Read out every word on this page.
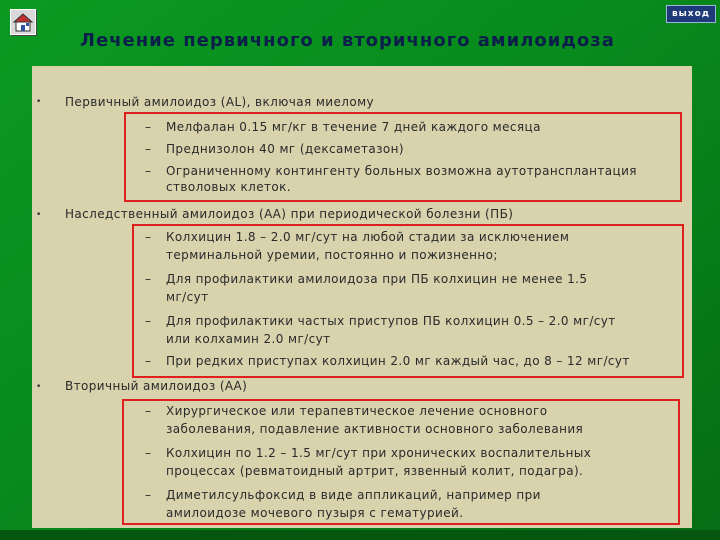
выход
Лечение первичного и вторичного амилоидоза
• Первичный амилоидоз (AL), включая миелому
– Мелфалан 0.15 мг/кг в течение 7 дней каждого месяца
– Преднизолон 40 мг (дексаметазон)
– Ограниченному контингенту больных возможна аутотрансплантация
стволовых клеток.
• Наследственный амилоидоз (АА) при периодической болезни (ПБ)
– Колхицин 1.8 – 2.0 мг/сут на любой стадии за исключением
терминальной уремии, постоянно и пожизненно;
– Для профилактики амилоидоза при ПБ колхицин не менее 1.5
мг/сут
– Для профилактики частых приступов ПБ колхицин 0.5 – 2.0 мг/сут
или колхамин 2.0 мг/сут
– При редких приступах колхицин 2.0 мг каждый час, до 8 – 12 мг/сут
• Вторичный амилоидоз (АА)
– Хирургическое или терапевтическое лечение основного
заболевания, подавление активности основного заболевания
– Колхицин по 1.2 – 1.5 мг/сут при хронических воспалительных
процессах (ревматоидный артрит, язвенный колит, подагра).
– Диметилсульфоксид в виде аппликаций, например при
амилоидозе мочевого пузыря с гематурией.
